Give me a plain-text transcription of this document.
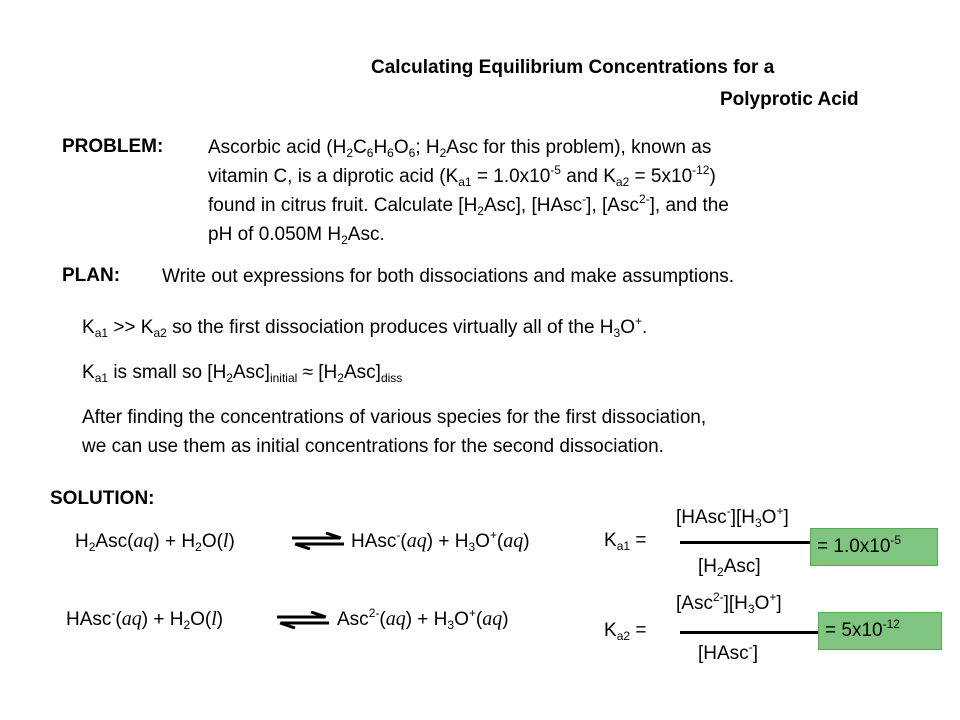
Calculating Equilibrium Concentrations for a
Polyprotic Acid
PROBLEM: Ascorbic acid ($H_2C_6H_6O_6$; $H_2Asc$ for this problem), known as
vitamin C, is a diprotic acid ($K_{a1} = 1.0x10^{-5}$ and $K_{a2} = 5x10^{-12}$)
found in citrus fruit. Calculate $[H_2Asc]$, [HAsc-], [Asc$^{2-}$], and the
pH of 0.050M $H_2Asc$.
PLAN: Write out expressions for both dissociations and make assumptions.
$K_{a1} >> K_{a2}$ so the first dissociation produces virtually all of the $H_3O^+$.
$K_{a1}$ is small so $[H_2Asc]_{initial} \approx [H_2Asc]_{diss}$
After finding the concentrations of various species for the first dissociation,
we can use them as initial concentrations for the second dissociation.
SOLUTION:
$H_2Asc(aq) + H_2O(l)$	⇌ HAsc-(aq) + $H_3O^+(aq)$	$K_{a1}$ =
$[HAsc^-][H_3O^+]$
$[H_2Asc]$
= $1.0x10^{-5}$
HAsc-(aq) + $H_2O(l)$	⇌ $Asc^{2-}(aq) + H_3O^+(aq)$
$K_{a2}$ =
$[Asc^{2-}][H_3O^+]$
[HAsc-]
= $5x10^{-12}$
